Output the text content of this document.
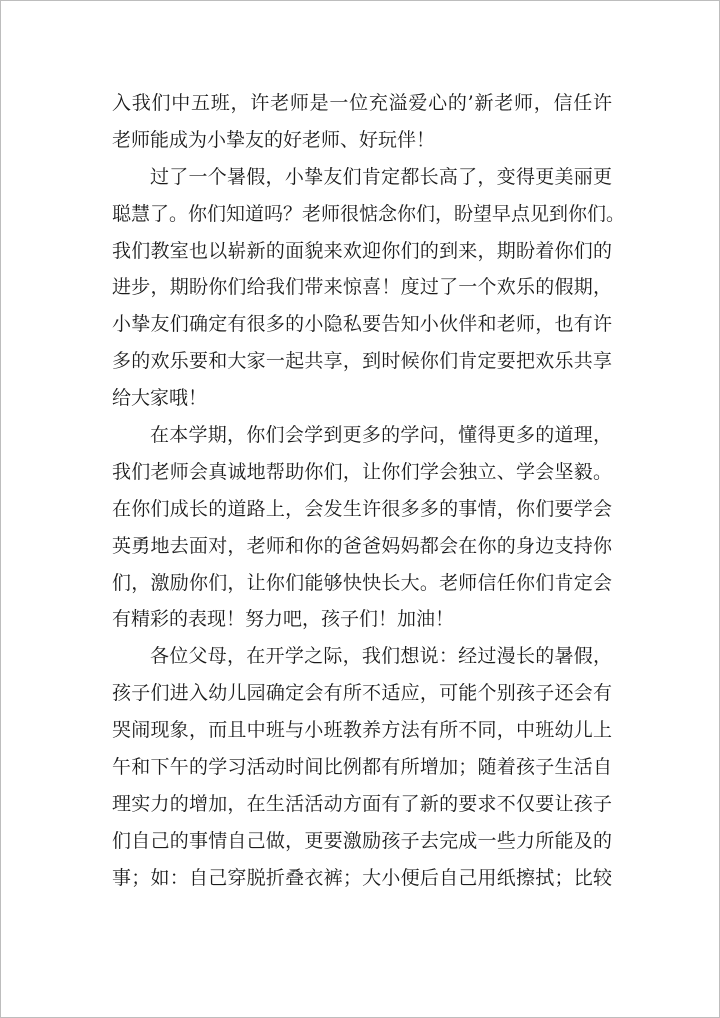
入我们中五班，许老师是一位充溢爱心的’新老师，信任许
老师能成为小挚友的好老师、好玩伴！
过了一个暑假，小挚友们肯定都长高了，变得更美丽更
聪慧了。你们知道吗？老师很惦念你们，盼望早点见到你们。
我们教室也以崭新的面貌来欢迎你们的到来，期盼着你们的
进步，期盼你们给我们带来惊喜！度过了一个欢乐的假期，
小挚友们确定有很多的小隐私要告知小伙伴和老师，也有许
多的欢乐要和大家一起共享，到时候你们肯定要把欢乐共享
给大家哦！
在本学期，你们会学到更多的学问，懂得更多的道理，
我们老师会真诚地帮助你们，让你们学会独立、学会坚毅。
在你们成长的道路上，会发生许很多多的事情，你们要学会
英勇地去面对，老师和你的爸爸妈妈都会在你的身边支持你
们，激励你们，让你们能够快快长大。老师信任你们肯定会
有精彩的表现！努力吧，孩子们！加油！
各位父母，在开学之际，我们想说：经过漫长的暑假，
孩子们进入幼儿园确定会有所不适应，可能个别孩子还会有
哭闹现象，而且中班与小班教养方法有所不同，中班幼儿上
午和下午的学习活动时间比例都有所增加；随着孩子生活自
理实力的增加，在生活活动方面有了新的要求不仅要让孩子
们自己的事情自己做，更要激励孩子去完成一些力所能及的
事；如：自己穿脱折叠衣裤；大小便后自己用纸擦拭；比较
